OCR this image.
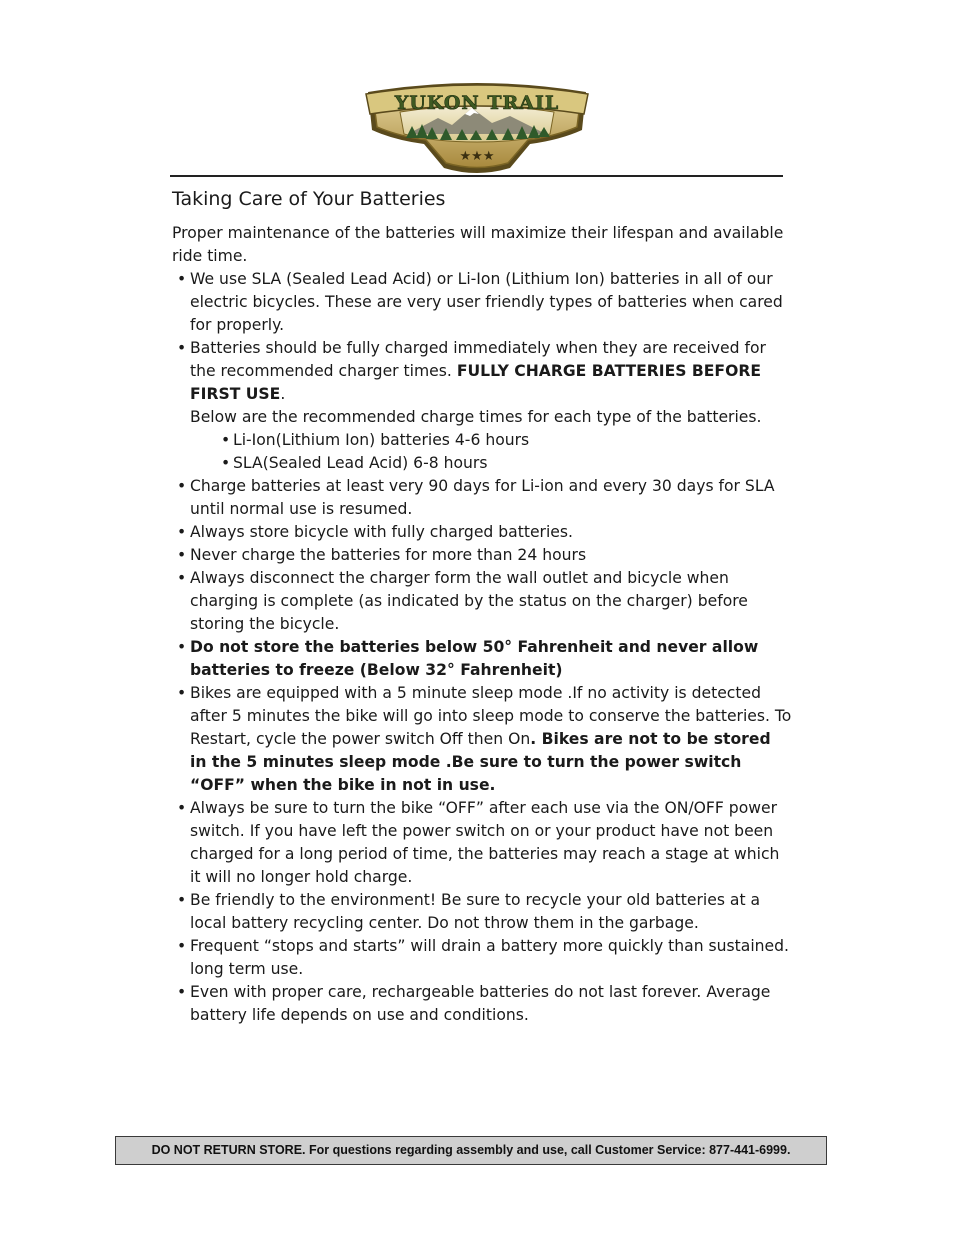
YUKON TRAIL
★★★
Taking Care of Your Batteries

Proper maintenance of the batteries will maximize their lifespan and available ride time.

• We use SLA (Sealed Lead Acid) or Li-Ion (Lithium Ion) batteries in all of our electric bicycles. These are very user friendly types of batteries when cared for properly.
• Batteries should be fully charged immediately when they are received for the recommended charger times. FULLY CHARGE BATTERIES BEFORE FIRST USE.
Below are the recommended charge times for each type of the batteries.
• Li-Ion(Lithium Ion) batteries 4-6 hours
• SLA(Sealed Lead Acid) 6-8 hours
• Charge batteries at least very 90 days for Li-ion and every 30 days for SLA until normal use is resumed.
• Always store bicycle with fully charged batteries.
• Never charge the batteries for more than 24 hours
• Always disconnect the charger form the wall outlet and bicycle when charging is complete (as indicated by the status on the charger) before storing the bicycle.
• Do not store the batteries below 50° Fahrenheit and never allow batteries to freeze (Below 32° Fahrenheit)
• Bikes are equipped with a 5 minute sleep mode .If no activity is detected after 5 minutes the bike will go into sleep mode to conserve the batteries. To Restart, cycle the power switch Off then On. Bikes are not to be stored in the 5 minutes sleep mode .Be sure to turn the power switch “OFF” when the bike in not in use.
• Always be sure to turn the bike “OFF” after each use via the ON/OFF power switch. If you have left the power switch on or your product have not been charged for a long period of time, the batteries may reach a stage at which it will no longer hold charge.
• Be friendly to the environment! Be sure to recycle your old batteries at a local battery recycling center. Do not throw them in the garbage.
• Frequent “stops and starts” will drain a battery more quickly than sustained. long term use.
• Even with proper care, rechargeable batteries do not last forever. Average battery life depends on use and conditions.
DO NOT RETURN STORE. For questions regarding assembly and use, call Customer Service: 877-441-6999.
